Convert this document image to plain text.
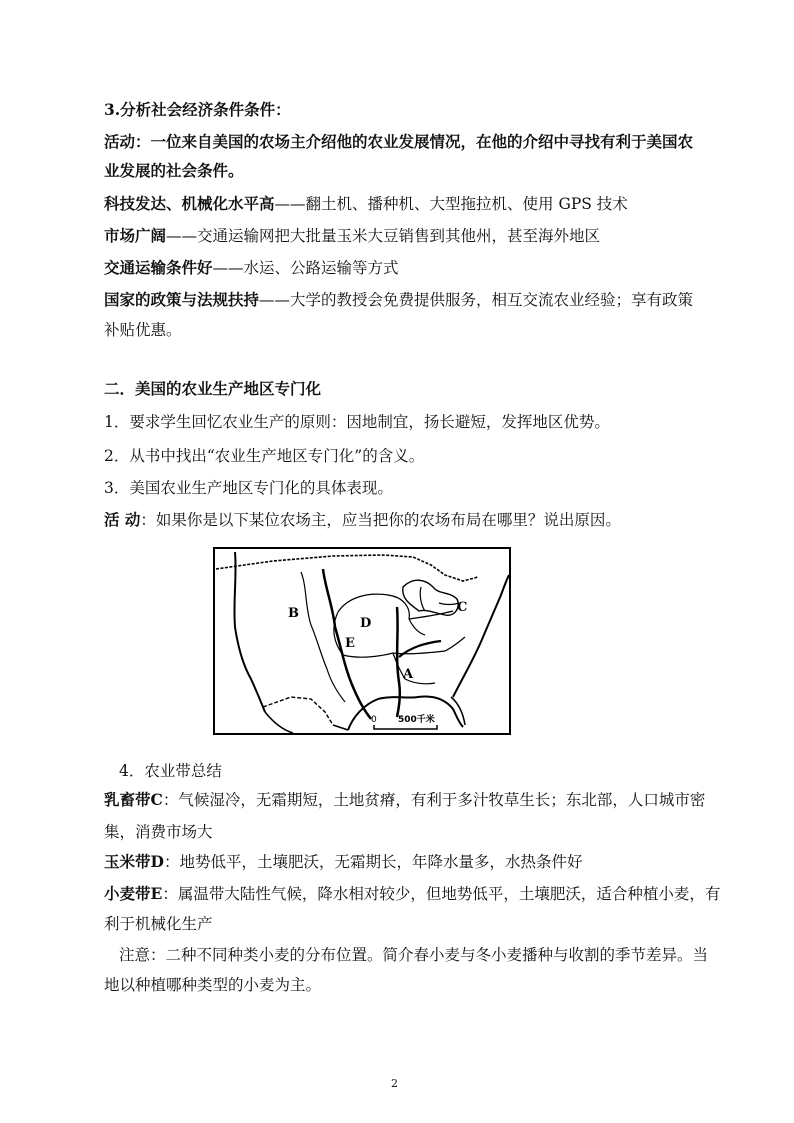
3.分析社会经济条件条件：
活动：一位来自美国的农场主介绍他的农业发展情况，在他的介绍中寻找有利于美国农
业发展的社会条件。
科技发达、机械化水平高——翻土机、播种机、大型拖拉机、使用 GPS 技术
市场广阔——交通运输网把大批量玉米大豆销售到其他州，甚至海外地区
交通运输条件好——水运、公路运输等方式
国家的政策与法规扶持——大学的教授会免费提供服务，相互交流农业经验；享有政策
补贴优惠。
二．美国的农业生产地区专门化
1．要求学生回忆农业生产的原则：因地制宜，扬长避短，发挥地区优势。
2．从书中找出“农业生产地区专门化”的含义。
3．美国农业生产地区专门化的具体表现。
活 动：如果你是以下某位农场主，应当把你的农场布局在哪里？说出原因。
B
D
E
C
A
0 500千米
4．农业带总结
乳畜带C：气候湿冷，无霜期短，土地贫瘠，有利于多汁牧草生长；东北部，人口城市密
集，消费市场大
玉米带D：地势低平，土壤肥沃，无霜期长，年降水量多，水热条件好
小麦带E：属温带大陆性气候，降水相对较少，但地势低平，土壤肥沃，适合种植小麦，有
利于机械化生产
注意：二种不同种类小麦的分布位置。简介春小麦与冬小麦播种与收割的季节差异。当
地以种植哪种类型的小麦为主。
2
